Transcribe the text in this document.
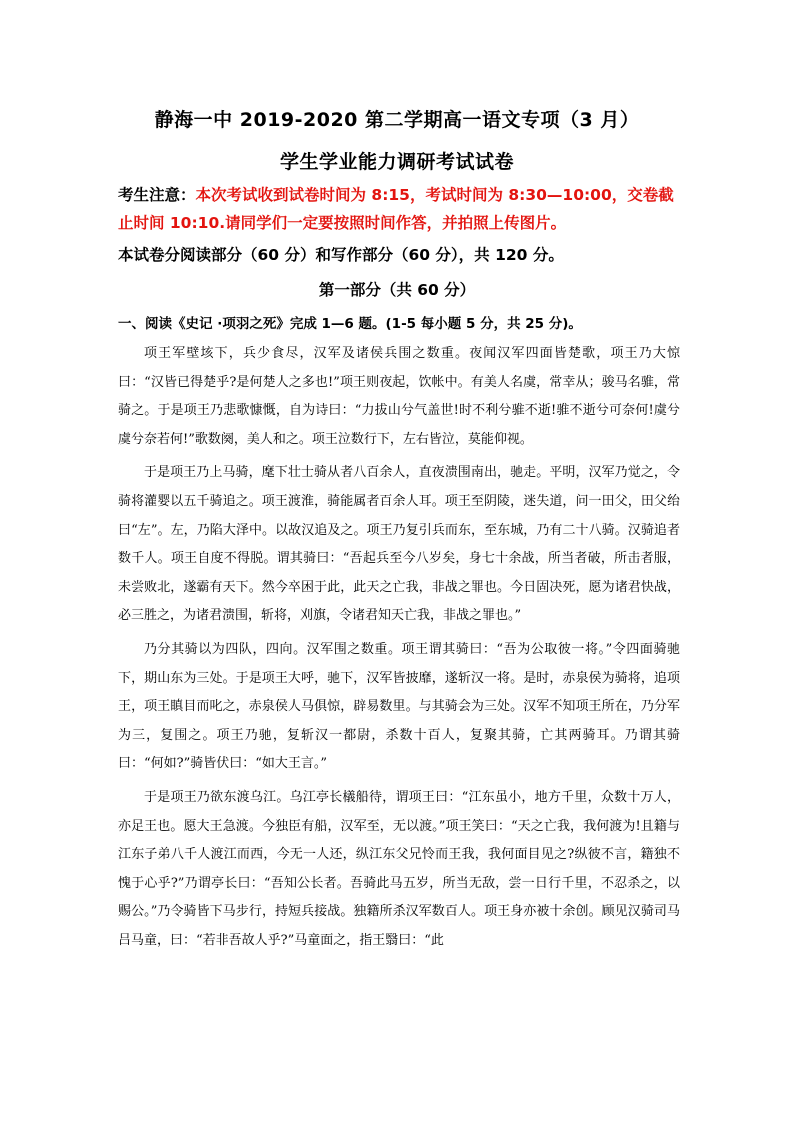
静海一中 2019-2020 第二学期高一语文专项（3 月）
学生学业能力调研考试试卷
考生注意：本次考试收到试卷时间为 8:15，考试时间为 8:30—10:00，交卷截止时间 10:10.请同学们一定要按照时间作答，并拍照上传图片。
本试卷分阅读部分（60 分）和写作部分（60 分），共 120 分。
第一部分（共 60 分）
一、阅读《史记 ·项羽之死》完成 1—6 题。(1-5 每小题 5 分，共 25 分)。

项王军壁垓下，兵少食尽，汉军及诸侯兵围之数重。夜闻汉军四面皆楚歌，项王乃大惊曰：“汉皆已得楚乎?是何楚人之多也!”项王则夜起，饮帐中。有美人名虞，常幸从；骏马名骓，常骑之。于是项王乃悲歌慷慨，自为诗曰：“力拔山兮气盖世!时不利兮骓不逝!骓不逝兮可奈何!虞兮虞兮奈若何!”歌数阕，美人和之。项王泣数行下，左右皆泣，莫能仰视。

于是项王乃上马骑，麾下壮士骑从者八百余人，直夜溃围南出，驰走。平明，汉军乃觉之，令骑将灌婴以五千骑追之。项王渡淮，骑能属者百余人耳。项王至阴陵，迷失道，问一田父，田父绐曰“左”。左，乃陷大泽中。以故汉追及之。项王乃复引兵而东，至东城，乃有二十八骑。汉骑追者数千人。项王自度不得脱。谓其骑曰：“吾起兵至今八岁矣，身七十余战，所当者破，所击者服，未尝败北，遂霸有天下。然今卒困于此，此天之亡我，非战之罪也。今日固决死，愿为诸君快战，必三胜之，为诸君溃围，斩将，刈旗，令诸君知天亡我，非战之罪也。”

乃分其骑以为四队，四向。汉军围之数重。项王谓其骑曰：“吾为公取彼一将。”令四面骑驰下，期山东为三处。于是项王大呼，驰下，汉军皆披靡，遂斩汉一将。是时，赤泉侯为骑将，追项王，项王瞋目而叱之，赤泉侯人马俱惊，辟易数里。与其骑会为三处。汉军不知项王所在，乃分军为三，复围之。项王乃驰，复斩汉一都尉，杀数十百人，复聚其骑，亡其两骑耳。乃谓其骑曰：“何如?”骑皆伏曰：“如大王言。”

于是项王乃欲东渡乌江。乌江亭长檥船待，谓项王曰：“江东虽小，地方千里，众数十万人，亦足王也。愿大王急渡。今独臣有船，汉军至，无以渡。”项王笑曰：“天之亡我，我何渡为!且籍与江东子弟八千人渡江而西，今无一人还，纵江东父兄怜而王我，我何面目见之?纵彼不言，籍独不愧于心乎?”乃谓亭长曰：“吾知公长者。吾骑此马五岁，所当无敌，尝一日行千里，不忍杀之，以赐公。”乃令骑皆下马步行，持短兵接战。独籍所杀汉军数百人。项王身亦被十余创。顾见汉骑司马吕马童，曰：“若非吾故人乎?”马童面之，指王翳曰：“此
